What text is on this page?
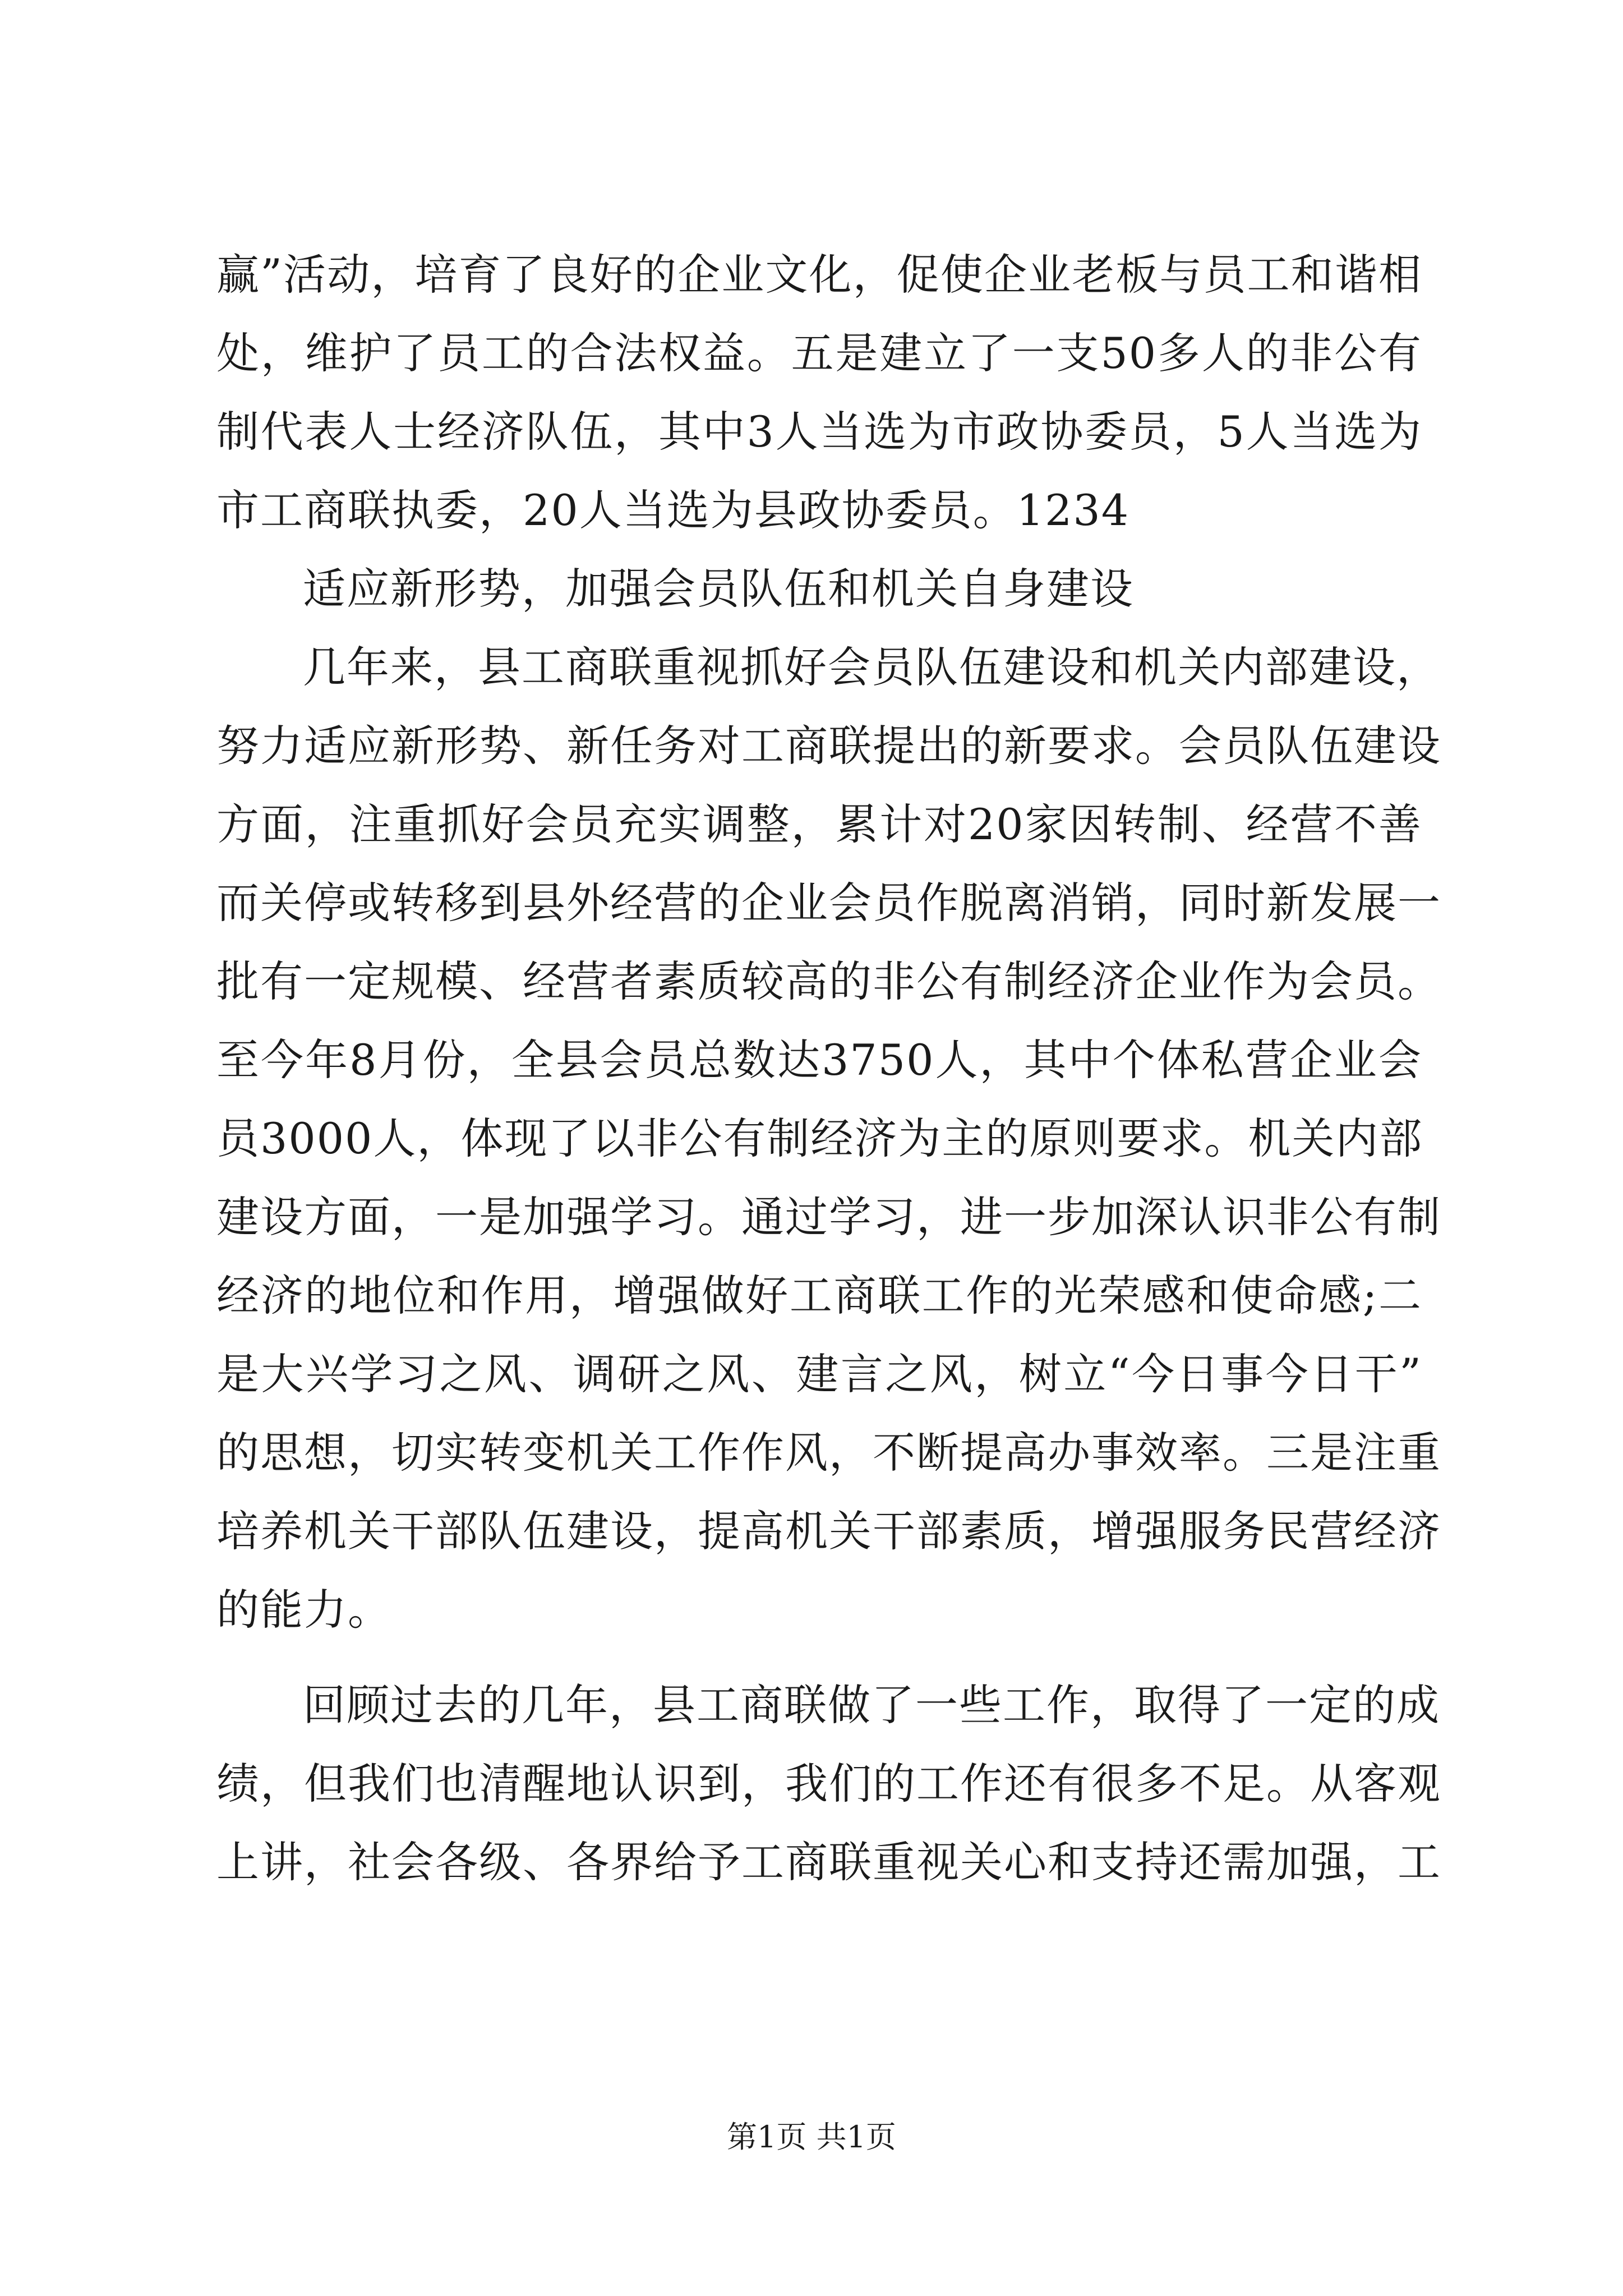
赢”活动，培育了良好的企业文化，促使企业老板与员工和谐相
处，维护了员工的合法权益。五是建立了一支50多人的非公有
制代表人士经济队伍，其中3人当选为市政协委员，5人当选为
市工商联执委，20人当选为县政协委员。1234
适应新形势，加强会员队伍和机关自身建设
几年来，县工商联重视抓好会员队伍建设和机关内部建设，
努力适应新形势、新任务对工商联提出的新要求。会员队伍建设
方面，注重抓好会员充实调整，累计对20家因转制、经营不善
而关停或转移到县外经营的企业会员作脱离消销，同时新发展一
批有一定规模、经营者素质较高的非公有制经济企业作为会员。
至今年8月份，全县会员总数达3750人，其中个体私营企业会
员3000人，体现了以非公有制经济为主的原则要求。机关内部
建设方面，一是加强学习。通过学习，进一步加深认识非公有制
经济的地位和作用，增强做好工商联工作的光荣感和使命感;二
是大兴学习之风、调研之风、建言之风，树立“今日事今日干”
的思想，切实转变机关工作作风，不断提高办事效率。三是注重
培养机关干部队伍建设，提高机关干部素质，增强服务民营经济
的能力。
回顾过去的几年，县工商联做了一些工作，取得了一定的成
绩，但我们也清醒地认识到，我们的工作还有很多不足。从客观
上讲，社会各级、各界给予工商联重视关心和支持还需加强，工
第1页 共1页
